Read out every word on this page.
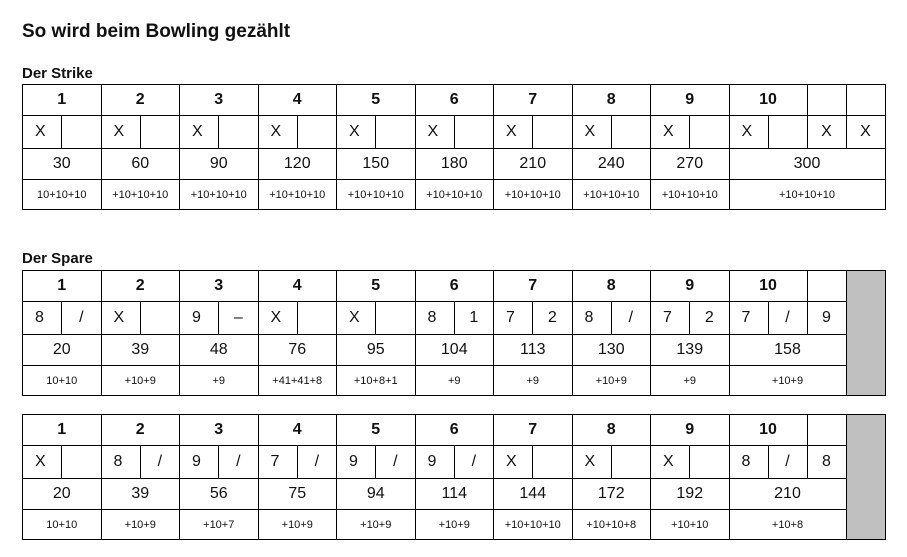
So wird beim Bowling gezählt
Der Strike
1		2		3		4		5		6		7		8		9		10			
X		X		X		X		X		X		X		X		X		X		X	X
30		60		90		120		150		180		210		240		270		300			
10+10+10		+10+10+10		+10+10+10		+10+10+10		+10+10+10		+10+10+10		+10+10+10		+10+10+10		+10+10+10		+10+10+10			
Der Spare
1		2		3		4		5		6		7		8		9		10			
8	/	X		9	–	X		X		8	1	7	2	8	/	7	2	7	/	9	
20		39		48		76		95		104		113		130		139		158			
10+10		+10+9		+9		+41+41+8		+10+8+1		+9		+9		+10+9		+9		+10+9			
1		2		3		4		5		6		7		8		9		10			
X		8	/	9	/	7	/	9	/	9	/	X		X		X		8	/	8	
20		39		56		75		94		114		144		172		192		210			
10+10		+10+9		+10+7		+10+9		+10+9		+10+9		+10+10+10		+10+10+8		+10+10		+10+8			
